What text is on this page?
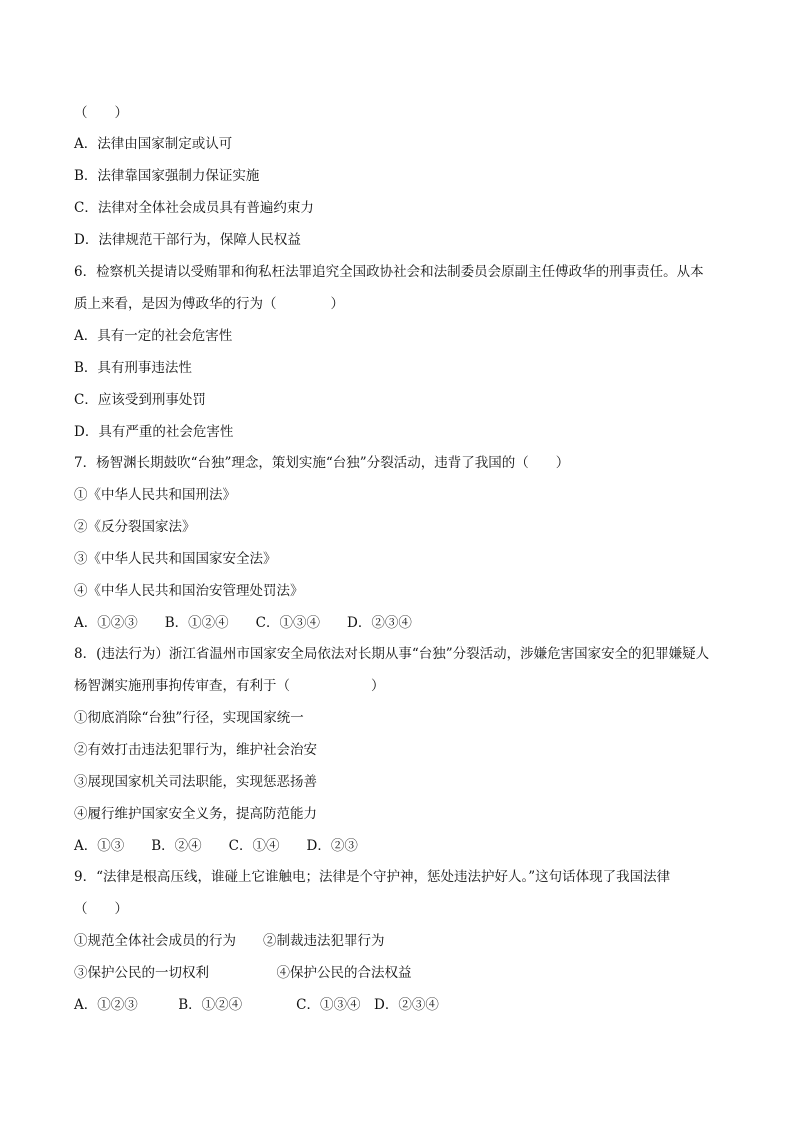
（　　）
A．法律由国家制定或认可
B．法律靠国家强制力保证实施
C．法律对全体社会成员具有普遍约束力
D．法律规范干部行为，保障人民权益
6．检察机关提请以受贿罪和徇私枉法罪追究全国政协社会和法制委员会原副主任傅政华的刑事责任。从本
质上来看，是因为傅政华的行为（　　　　）
A．具有一定的社会危害性
B．具有刑事违法性
C．应该受到刑事处罚
D．具有严重的社会危害性
7．杨智渊长期鼓吹“台独”理念，策划实施“台独”分裂活动，违背了我国的（　　）
①《中华人民共和国刑法》
②《反分裂国家法》
③《中华人民共和国国家安全法》
④《中华人民共和国治安管理处罚法》
A．①②③　　B．①②④　　C．①③④　　D．②③④
8．(违法行为）浙江省温州市国家安全局依法对长期从事“台独”分裂活动，涉嫌危害国家安全的犯罪嫌疑人
杨智渊实施刑事拘传审查，有利于（　　　　　　）
①彻底消除“台独”行径，实现国家统一
②有效打击违法犯罪行为，维护社会治安
③展现国家机关司法职能，实现惩恶扬善
④履行维护国家安全义务，提高防范能力
A．①③　　B．②④　　C．①④　　D．②③
9．“法律是根高压线，谁碰上它谁触电；法律是个守护神，惩处违法护好人。”这句话体现了我国法律
（　　）
①规范全体社会成员的行为　　②制裁违法犯罪行为
③保护公民的一切权利　　　　　④保护公民的合法权益
A．①②③　　　B．①②④　　　　C．①③④　D．②③④
